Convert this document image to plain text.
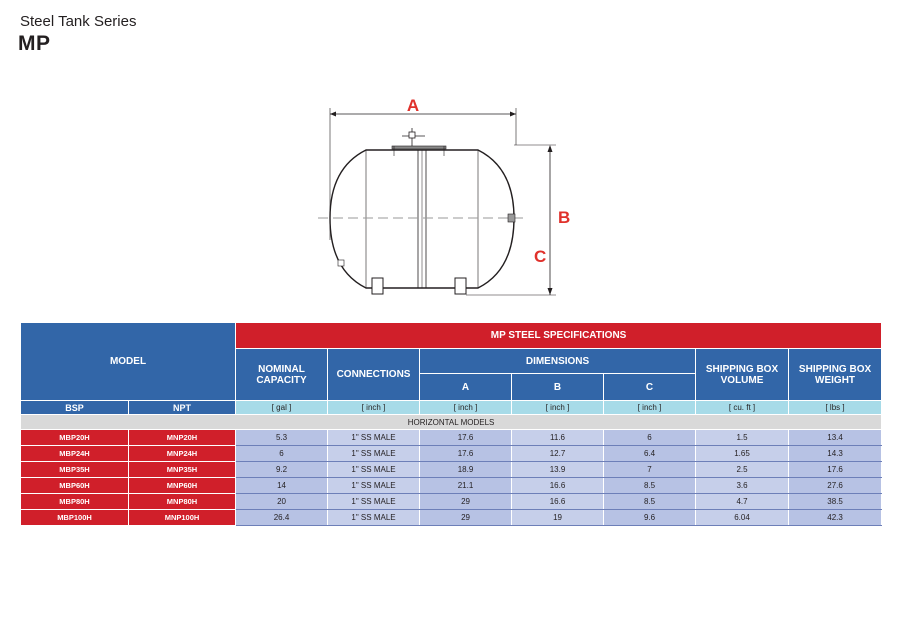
Steel Tank Series
MP
A
B
C
MODEL		MP STEEL SPECIFICATIONS						
		NOMINAL CAPACITY	CONNECTIONS	DIMENSIONS			SHIPPING BOX VOLUME	SHIPPING BOX WEIGHT
				A	B	C		
BSP	NPT	[ gal ]	[ inch ]	[ inch ]	[ inch ]	[ inch ]	[ cu. ft ]	[ lbs ]
HORIZONTAL MODELS								
MBP20H	MNP20H	5.3	1" SS MALE	17.6	11.6	6	1.5	13.4
MBP24H	MNP24H	6	1" SS MALE	17.6	12.7	6.4	1.65	14.3
MBP35H	MNP35H	9.2	1" SS MALE	18.9	13.9	7	2.5	17.6
MBP60H	MNP60H	14	1" SS MALE	21.1	16.6	8.5	3.6	27.6
MBP80H	MNP80H	20	1" SS MALE	29	16.6	8.5	4.7	38.5
MBP100H	MNP100H	26.4	1" SS MALE	29	19	9.6	6.04	42.3
